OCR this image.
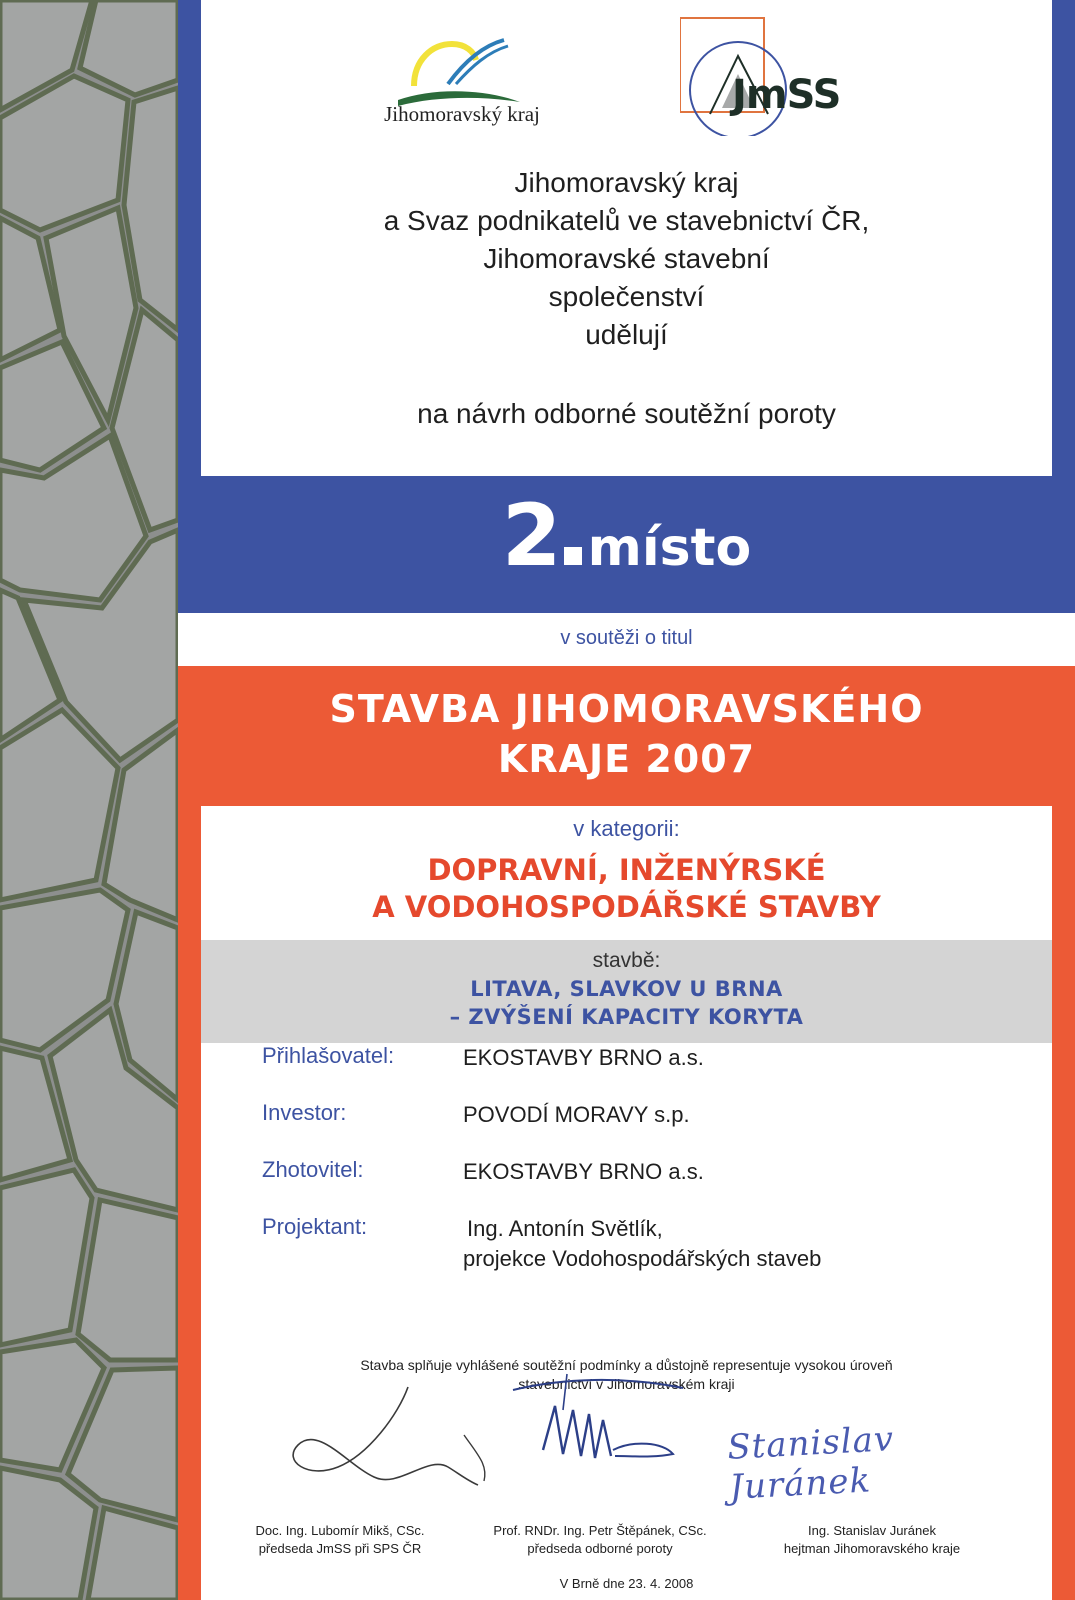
Jihomoravský kraj	JmSS
Jihomoravský kraj
a Svaz podnikatelů ve stavebnictví ČR,
Jihomoravské stavební
společenství
udělují
na návrh odborné soutěžní poroty
2 místo
v soutěži o titul
STAVBA JIHOMORAVSKÉHO
KRAJE 2007
v kategorii:
DOPRAVNÍ, INŽENÝRSKÉ
A VODOHOSPODÁŘSKÉ STAVBY
stavbě:
LITAVA, SLAVKOV U BRNA
– ZVÝŠENÍ KAPACITY KORYTA
Přihlašovatel:	EKOSTAVBY BRNO a.s.
Investor:	POVODÍ MORAVY s.p.
Zhotovitel:	EKOSTAVBY BRNO a.s.
Projektant:	Ing. Antonín Světlík,
projekce Vodohospodářských staveb
Stavba splňuje vyhlášené soutěžní podmínky a důstojně representuje vysokou úroveň
stavebnictví v Jihomoravském kraji
Stanislav Juránek
Doc. Ing. Lubomír Mikš, CSc.
předseda JmSS při SPS ČR
Prof. RNDr. Ing. Petr Štěpánek, CSc.
předseda odborné poroty
Ing. Stanislav Juránek
hejtman Jihomoravského kraje
V Brně dne 23. 4. 2008
